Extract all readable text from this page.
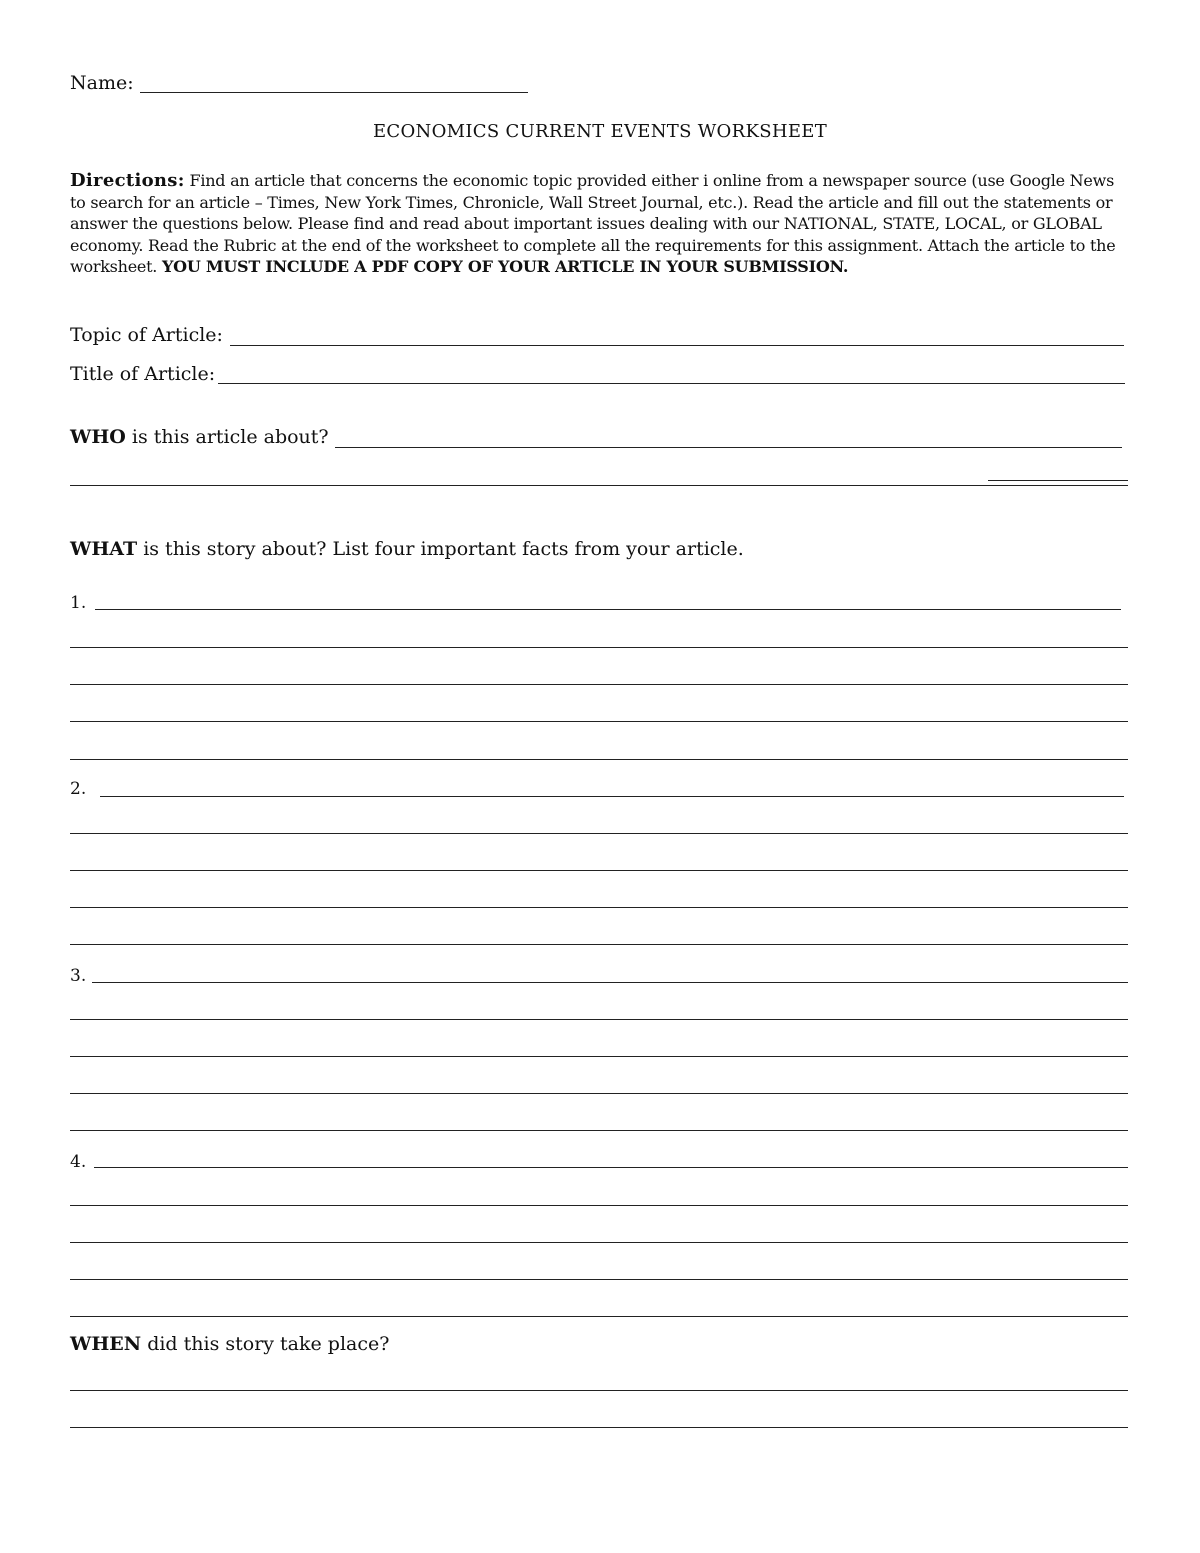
Name:
ECONOMICS CURRENT EVENTS WORKSHEET
Directions: Find an article that concerns the economic topic provided either i online from a newspaper source (use Google News to search for an article – Times, New York Times, Chronicle, Wall Street Journal, etc.). Read the article and fill out the statements or answer the questions below. Please find and read about important issues dealing with our NATIONAL, STATE, LOCAL, or GLOBAL economy. Read the Rubric at the end of the worksheet to complete all the requirements for this assignment. Attach the article to the worksheet. YOU MUST INCLUDE A PDF COPY OF YOUR ARTICLE IN YOUR SUBMISSION.
Topic of Article:
Title of Article:
WHO is this article about?
WHAT is this story about? List four important facts from your article.
1.
2.
3.
4.
WHEN did this story take place?
